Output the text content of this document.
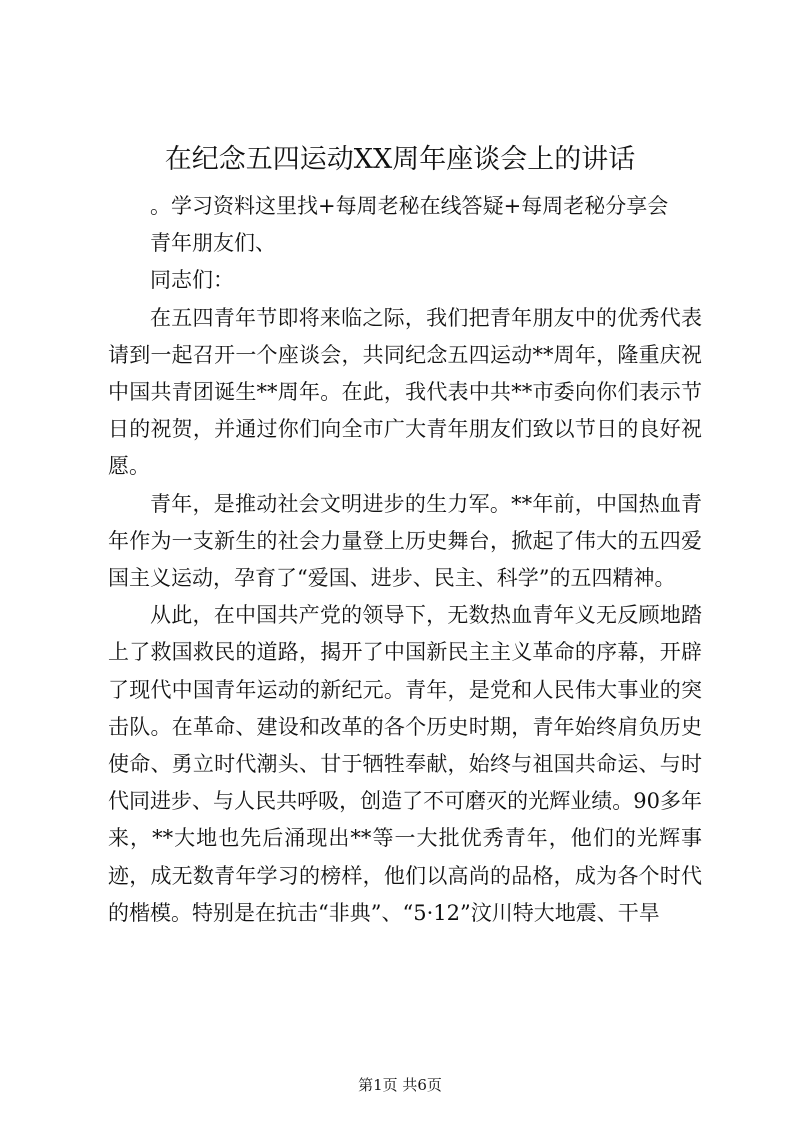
在纪念五四运动XX周年座谈会上的讲话

。学习资料这里找+每周老秘在线答疑+每周老秘分享会

青年朋友们、

同志们：

在五四青年节即将来临之际，我们把青年朋友中的优秀代表请到一起召开一个座谈会，共同纪念五四运动**周年，隆重庆祝中国共青团诞生**周年。在此，我代表中共**市委向你们表示节日的祝贺，并通过你们向全市广大青年朋友们致以节日的良好祝愿。

青年，是推动社会文明进步的生力军。**年前，中国热血青年作为一支新生的社会力量登上历史舞台，掀起了伟大的五四爱国主义运动，孕育了“爱国、进步、民主、科学”的五四精神。

从此，在中国共产党的领导下，无数热血青年义无反顾地踏上了救国救民的道路，揭开了中国新民主主义革命的序幕，开辟了现代中国青年运动的新纪元。青年，是党和人民伟大事业的突击队。在革命、建设和改革的各个历史时期，青年始终肩负历史使命、勇立时代潮头、甘于牺牲奉献，始终与祖国共命运、与时代同进步、与人民共呼吸，创造了不可磨灭的光辉业绩。90多年来，**大地也先后涌现出**等一大批优秀青年，他们的光辉事迹，成无数青年学习的榜样，他们以高尚的品格，成为各个时代的楷模。特别是在抗击“非典”、“5·12”汶川特大地震、干旱

第1页 共6页
